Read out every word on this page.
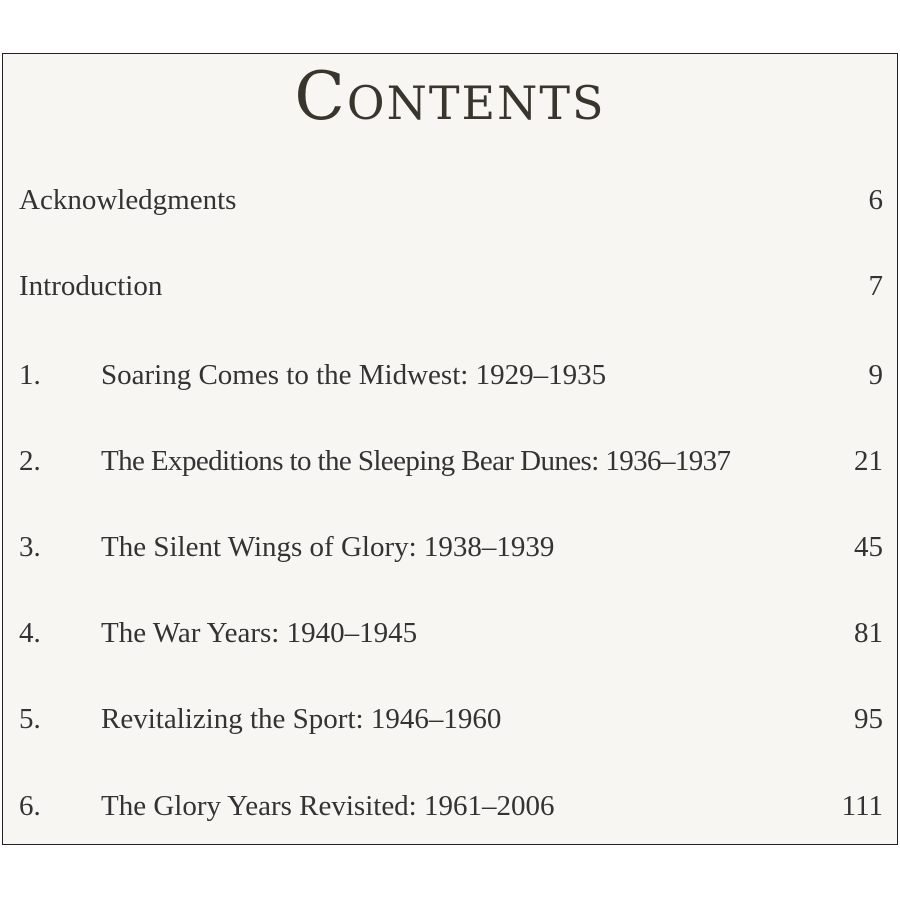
Contents
Acknowledgments	6
Introduction	7
1. Soaring Comes to the Midwest: 1929–1935	9
2. The Expeditions to the Sleeping Bear Dunes: 1936–1937	21
3. The Silent Wings of Glory: 1938–1939	45
4. The War Years: 1940–1945	81
5. Revitalizing the Sport: 1946–1960	95
6. The Glory Years Revisited: 1961–2006	111
